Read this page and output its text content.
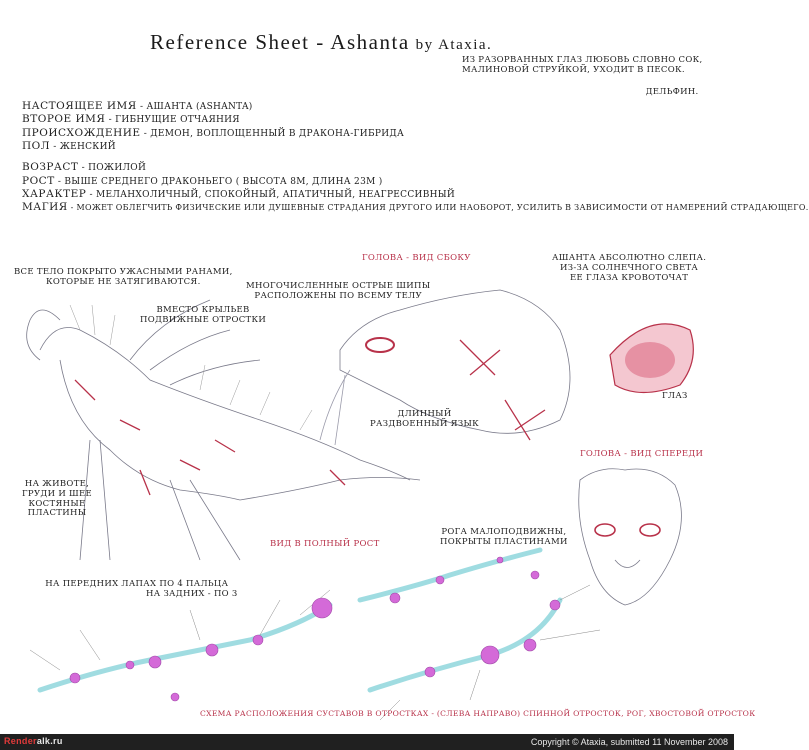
Reference Sheet - Ashanta by Ataxia.
ИЗ РАЗОРВАННЫХ ГЛАЗ ЛЮБОВЬ СЛОВНО СОК,
МАЛИНОВОЙ СТРУЙКОЙ, УХОДИТ В ПЕСОК.
ДЕЛЬФИН.
НАСТОЯЩЕЕ ИМЯ - АШАНТА (ASHANTA)
ВТОРОЕ ИМЯ - ГИБНУЩИЕ ОТЧАЯНИЯ
ПРОИСХОЖДЕНИЕ - ДЕМОН, ВОПЛОЩЕННЫЙ В ДРАКОНА-ГИБРИДА
ПОЛ - ЖЕНСКИЙ
ВОЗРАСТ - ПОЖИЛОЙ
РОСТ - ВЫШЕ СРЕДНЕГО ДРАКОНЬЕГО ( ВЫСОТА 8М, ДЛИНА 23М )
ХАРАКТЕР - МЕЛАНХОЛИЧНЫЙ, СПОКОЙНЫЙ, АПАТИЧНЫЙ, НЕАГРЕССИВНЫЙ
МАГИЯ - МОЖЕТ ОБЛЕГЧИТЬ ФИЗИЧЕСКИЕ ИЛИ ДУШЕВНЫЕ СТРАДАНИЯ ДРУГОГО ИЛИ НАОБОРОТ, УСИЛИТЬ В ЗАВИСИМОСТИ ОТ НАМЕРЕНИЙ СТРАДАЮЩЕГО.
ВСЕ ТЕЛО ПОКРЫТО УЖАСНЫМИ РАНАМИ,
КОТОРЫЕ НЕ ЗАТЯГИВАЮТСЯ.
ВМЕСТО КРЫЛЬЕВ
ПОДВИЖНЫЕ ОТРОСТКИ
МНОГОЧИСЛЕННЫЕ ОСТРЫЕ ШИПЫ
РАСПОЛОЖЕНЫ ПО ВСЕМУ ТЕЛУ
ГОЛОВА - ВИД СБОКУ	АШАНТА АБСОЛЮТНО СЛЕПА.
ИЗ-ЗА СОЛНЕЧНОГО СВЕТА
ЕЕ ГЛАЗА КРОВОТОЧАТ
ДЛИННЫЙ
РАЗДВОЕННЫЙ ЯЗЫК
ГЛАЗ
ГОЛОВА - ВИД СПЕРЕДИ
НА ЖИВОТЕ,
ГРУДИ И ШЕЕ
КОСТЯНЫЕ
ПЛАСТИНЫ
ВИД В ПОЛНЫЙ РОСТ
РОГА МАЛОПОДВИЖНЫ,
ПОКРЫТЫ ПЛАСТИНАМИ
НА ПЕРЕДНИХ ЛАПАХ ПО 4 ПАЛЬЦА
НА ЗАДНИХ - ПО 3
СХЕМА РАСПОЛОЖЕНИЯ СУСТАВОВ В ОТРОСТКАХ - (СЛЕВА НАПРАВО) СПИННОЙ ОТРОСТОК, РОГ, ХВОСТОВОЙ ОТРОСТОК
Renderalk.ru	Copyright © Ataxia, submitted 11 November 2008
